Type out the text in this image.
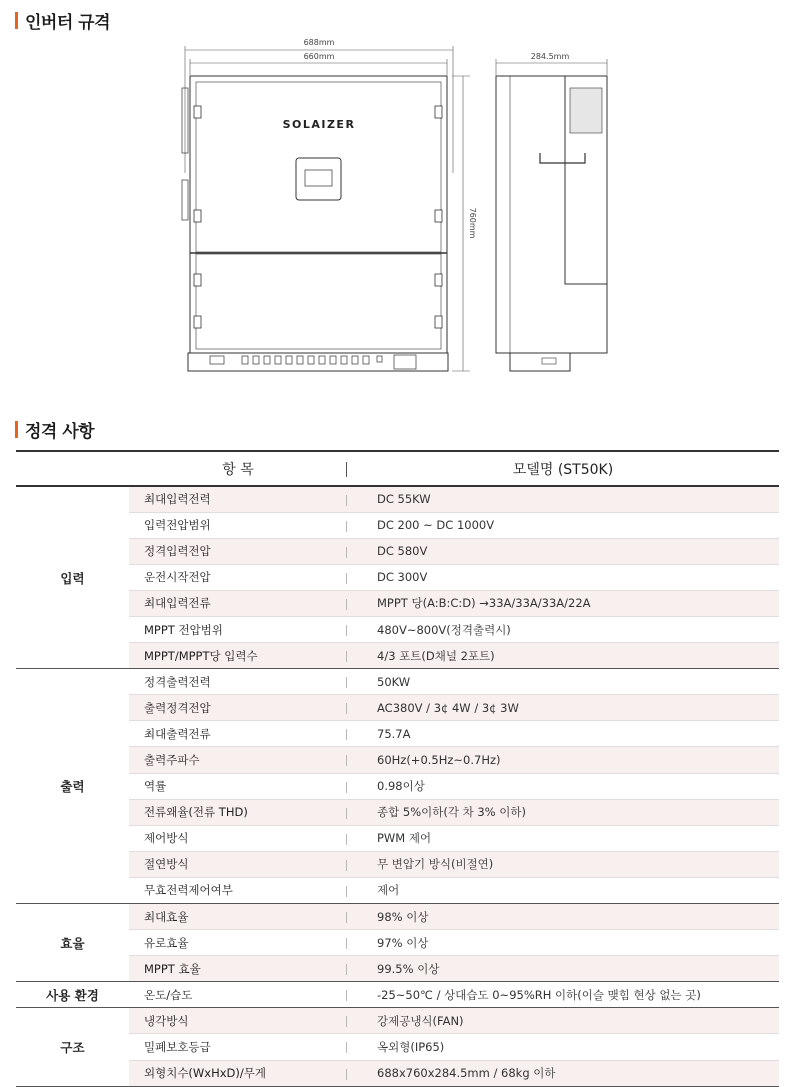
인버터 규격
688mm
660mm	284.5mm
760mm
SOLAIZER
정격 사항
	항 목	모델명 (ST50K)
입력	최대입력전력	DC 55KW
	입력전압범위	DC 200 ~ DC 1000V
	정격입력전압	DC 580V
	운전시작전압	DC 300V
	최대입력전류	MPPT 당(A:B:C:D) →33A/33A/33A/22A
	MPPT 전압범위	480V~800V(정격출력시)
	MPPT/MPPT당 입력수	4/3 포트(D채널 2포트)
출력	정격출력전력	50KW
	출력정격전압	AC380V / 3¢ 4W / 3¢ 3W
	최대출력전류	75.7A
	출력주파수	60Hz(+0.5Hz~0.7Hz)
	역률	0.98이상
	전류왜율(전류 THD)	종합 5%이하(각 차 3% 이하)
	제어방식	PWM 제어
	절연방식	무 변압기 방식(비절연)
	무효전력제어여부	제어
효율	최대효율	98% 이상
	유로효율	97% 이상
	MPPT 효율	99.5% 이상
사용 환경	온도/습도	-25~50℃ / 상대습도 0~95%RH 이하(이슬 맺힘 현상 없는 곳)
구조	냉각방식	강제공냉식(FAN)
	밀폐보호등급	옥외형(IP65)
	외형치수(WxHxD)/무게	688x760x284.5mm / 68kg 이하
